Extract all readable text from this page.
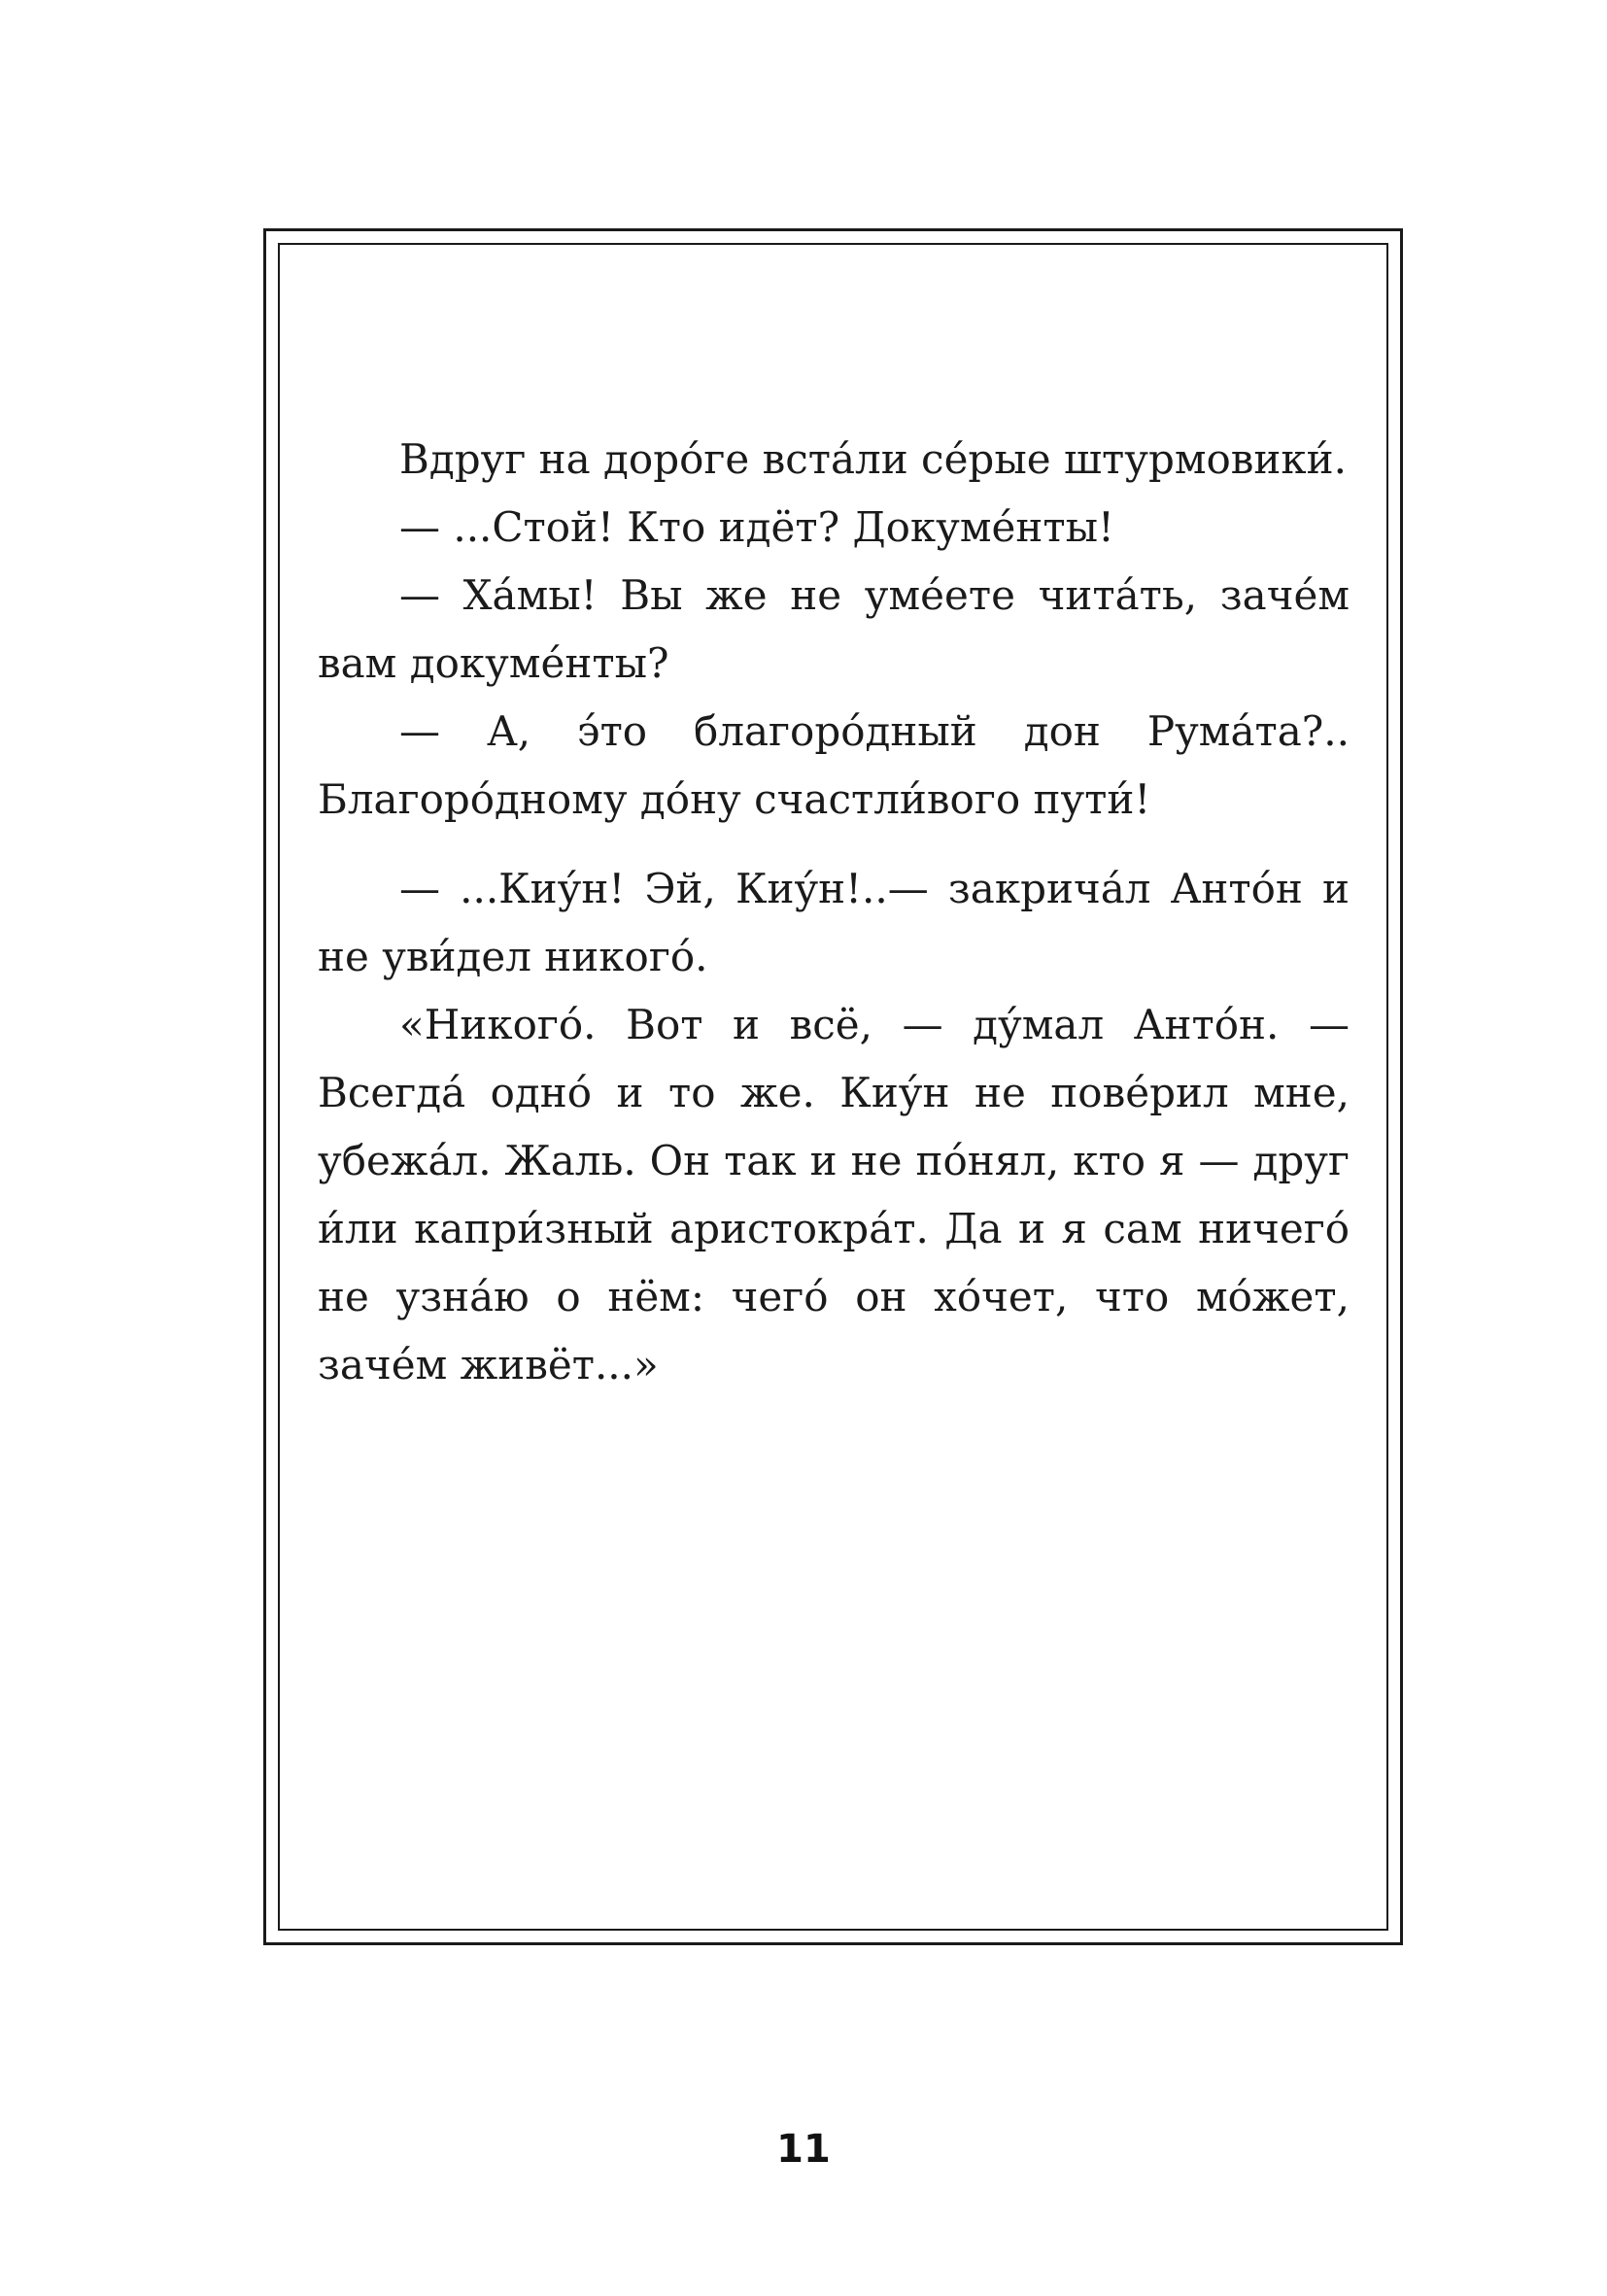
Вдруг на доро́ге вста́ли се́рые штурмовики́.

— ...Стой! Кто идёт? Докуме́нты!

— Ха́мы! Вы же не уме́ете чита́ть, заче́м вам докуме́нты?

— А, э́то благоро́дный дон Рума́та?.. Благоро́дному до́ну счастли́вого пути́!

— ...Киу́н! Эй, Киу́н!..— закрича́л Анто́н и не уви́дел никого́.

«Никого́. Вот и всё, — ду́мал Анто́н. — Всегда́ одно́ и то же. Киу́н не пове́рил мне, убежа́л. Жаль. Он так и не по́нял, кто я — друг и́ли капри́зный аристокра́т. Да и я сам ничего́ не узна́ю о нём: чего́ он хо́чет, что мо́жет, заче́м живёт...»

11
